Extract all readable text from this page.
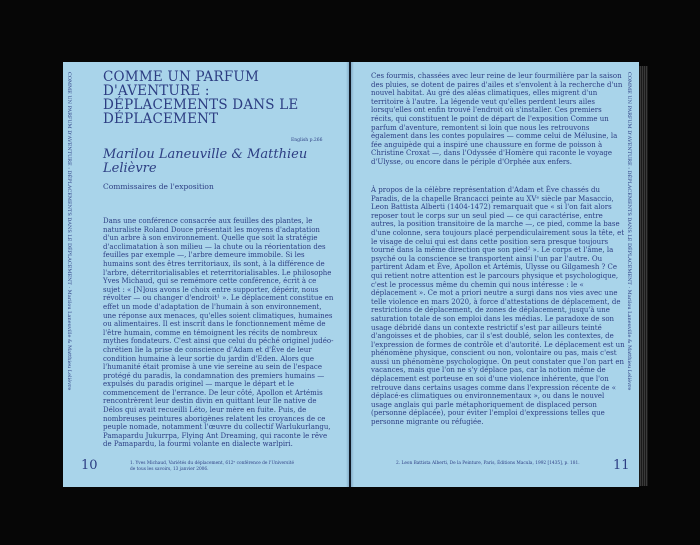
COMME UN PARFUM D'AVENTURE : DÉPLACEMENTS DANS LE DÉPLACEMENT
English p.266
Marilou Laneuville & Matthieu Lelièvre
Commissaires de l'exposition

Dans une conférence consacrée aux feuilles des plantes, le naturaliste Roland Douce présentait les moyens d'adaptation d'un arbre à son environnement. Quelle que soit la stratégie d'acclimatation à son milieu — la chute ou la réorientation des feuilles par exemple —, l'arbre demeure immobile. Si les humains sont des êtres territoriaux, ils sont, à la différence de l'arbre, déterritorialisables et reterritorialisables. Le philosophe Yves Michaud, qui se remémore cette conférence, écrit à ce sujet : « [N]ous avons le choix entre supporter, dépérir, nous révolter — ou changer d'endroit¹ ». Le déplacement constitue en effet un mode d'adaptation de l'humain à son environnement, une réponse aux menaces, qu'elles soient climatiques, humaines ou alimentaires. Il est inscrit dans le fonctionnement même de l'être humain, comme en témoignent les récits de nombreux mythes fondateurs. C'est ainsi que celui du péché originel judéo-chrétien lie la prise de conscience d'Adam et d'Ève de leur condition humaine à leur sortie du jardin d'Eden. Alors que l'humanité était promise à une vie sereine au sein de l'espace protégé du paradis, la condamnation des premiers humains — expulsés du paradis originel — marque le départ et le commencement de l'errance. De leur côté, Apollon et Artémis rencontrèrent leur destin divin en quittant leur île native de Délos qui avait recueilli Léto, leur mère en fuite. Puis, de nombreuses peintures aborigènes relatent les croyances de ce peuple nomade, notamment l'œuvre du collectif Warlukurlangu, Pamapardu Jukurrpa, Flying Ant Dreaming, qui raconte le rêve de Pamapardu, la fourmi volante en dialecte warlpiri.

10	1. Yves Michaud, Variétés du déplacement, 612ᵉ conférence de l'Université de tous les savoirs, 13 janvier 2006.
COMME UN PARFUM D'AVENTURE : DÉPLACEMENTS DANS LE DÉPLACEMENT · Marilou Laneuville & Matthieu Lelièvre	Ces fourmis, chassées avec leur reine de leur fourmilière par la saison des pluies, se dotent de paires d'ailes et s'envolent à la recherche d'un nouvel habitat. Au gré des aléas climatiques, elles migrent d'un territoire à l'autre. La légende veut qu'elles perdent leurs ailes lorsqu'elles ont enfin trouvé l'endroit où s'installer. Ces premiers récits, qui constituent le point de départ de l'exposition Comme un parfum d'aventure, remontent si loin que nous les retrouvons également dans les contes populaires — comme celui de Mélusine, la fée anguipède qui a inspiré une chaussure en forme de poisson à Christine Croxat —, dans l'Odyssée d'Homère qui raconte le voyage d'Ulysse, ou encore dans le périple d'Orphée aux enfers.

À propos de la célèbre représentation d'Adam et Ève chassés du Paradis, de la chapelle Brancacci peinte au XVᵉ siècle par Masaccio, Leon Battista Alberti (1404-1472) remarquait que « si l'on fait alors reposer tout le corps sur un seul pied — ce qui caractérise, entre autres, la position transitoire de la marche —, ce pied, comme la base d'une colonne, sera toujours placé perpendiculairement sous la tête, et le visage de celui qui est dans cette position sera presque toujours tourné dans la même direction que son pied² ». Le corps et l'âme, la psyché ou la conscience se transportent ainsi l'un par l'autre. Ou partirent Adam et Ève, Apollon et Artémis, Ulysse ou Gilgamesh ? Ce qui retient notre attention est le parcours physique et psychologique, c'est le processus même du chemin qui nous intéresse : le « déplacement ». Ce mot a priori neutre a surgi dans nos vies avec une telle violence en mars 2020, à force d'attestations de déplacement, de restrictions de déplacement, de zones de déplacement, jusqu'à une saturation totale de son emploi dans les médias. Le paradoxe de son usage débridé dans un contexte restrictif s'est par ailleurs teinté d'angoisses et de phobies, car il s'est doublé, selon les contextes, de l'expression de formes de contrôle et d'autorité. Le déplacement est un phénomène physique, conscient ou non, volontaire ou pas, mais c'est aussi un phénomène psychologique. On peut constater que l'on part en vacances, mais que l'on ne s'y déplace pas, car la notion même de déplacement est porteuse en soi d'une violence inhérente, que l'on retrouve dans certains usages comme dans l'expression récente de « déplacé·es climatiques ou environnementaux », ou dans le nouvel usage anglais qui parle métaphoriquement de displaced person (personne déplacée), pour éviter l'emploi d'expressions telles que personne migrante ou réfugiée.

11
2. Leon Battista Alberti, De la Peinture, Paris, Éditions Macula, 1992 [1435], p. 181.
COMME UN PARFUM D'AVENTURE : DÉPLACEMENTS DANS LE DÉPLACEMENT · Marilou Laneuville & Matthieu Lelièvre
